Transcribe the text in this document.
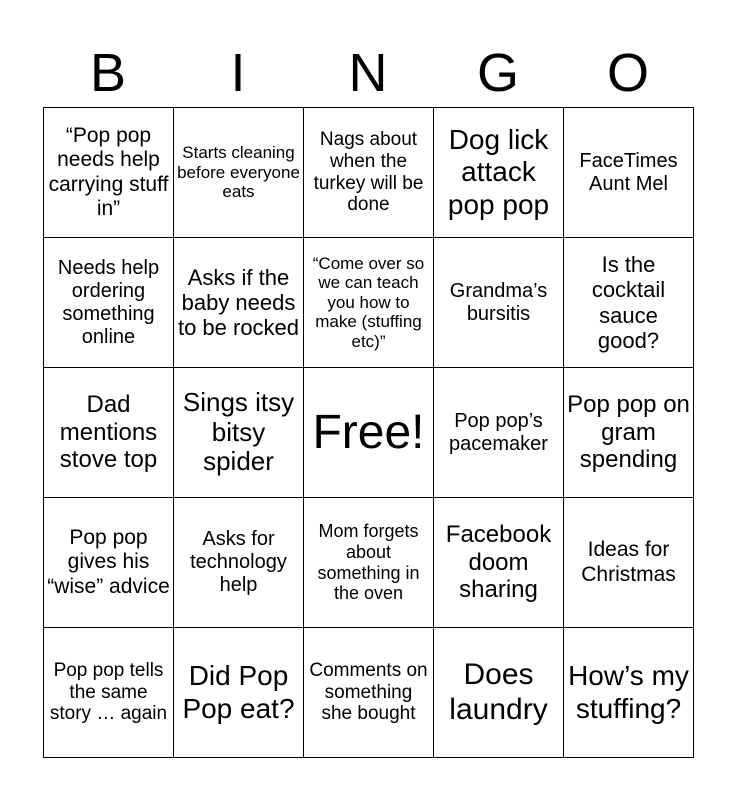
B	I	N	G	O
“Pop pop needs help carrying stuff in”	Starts cleaning before everyone eats	Nags about when the turkey will be done	Dog lick attack pop pop	FaceTimes Aunt Mel
Needs help ordering something online	Asks if the baby needs to be rocked	“Come over so we can teach you how to make (stuffing etc)”	Grandma’s bursitis	Is the cocktail sauce good?
Dad mentions stove top	Sings itsy bitsy spider	Free!	Pop pop’s pacemaker	Pop pop on gram spending
Pop pop gives his “wise” advice	Asks for technology help	Mom forgets about something in the oven	Facebook doom sharing	Ideas for Christmas
Pop pop tells the same story … again	Did Pop Pop eat?	Comments on something she bought	Does laundry	How’s my stuffing?
